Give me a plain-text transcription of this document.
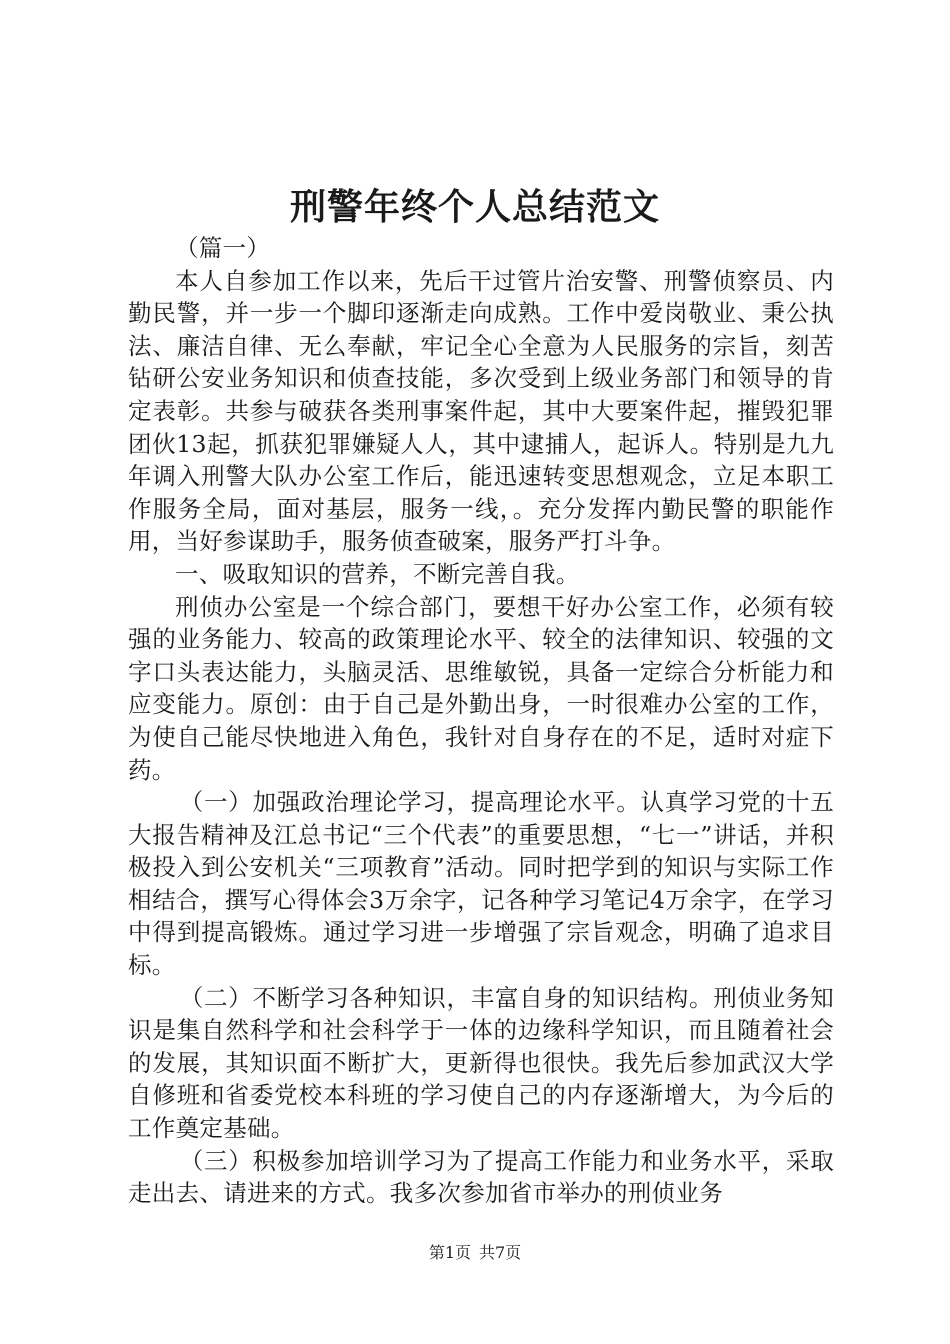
刑警年终个人总结范文

（篇一）

本人自参加工作以来，先后干过管片治安警、刑警侦察员、内勤民警，并一步一个脚印逐渐走向成熟。工作中爱岗敬业、秉公执法、廉洁自律、无么奉献，牢记全心全意为人民服务的宗旨，刻苦钻研公安业务知识和侦查技能，多次受到上级业务部门和领导的肯定表彰。共参与破获各类刑事案件起，其中大要案件起，摧毁犯罪团伙13起，抓获犯罪嫌疑人人，其中逮捕人，起诉人。特别是九九年调入刑警大队办公室工作后，能迅速转变思想观念，立足本职工作服务全局，面对基层，服务一线，。充分发挥内勤民警的职能作用，当好参谋助手，服务侦查破案，服务严打斗争。

一、吸取知识的营养，不断完善自我。

刑侦办公室是一个综合部门，要想干好办公室工作，必须有较强的业务能力、较高的政策理论水平、较全的法律知识、较强的文字口头表达能力，头脑灵活、思维敏锐，具备一定综合分析能力和应变能力。原创：由于自己是外勤出身，一时很难办公室的工作，为使自己能尽快地进入角色，我针对自身存在的不足，适时对症下药。

（一）加强政治理论学习，提高理论水平。认真学习党的十五大报告精神及江总书记“三个代表”的重要思想，“七一”讲话，并积极投入到公安机关“三项教育”活动。同时把学到的知识与实际工作相结合，撰写心得体会3万余字，记各种学习笔记4万余字，在学习中得到提高锻炼。通过学习进一步增强了宗旨观念，明确了追求目标。

（二）不断学习各种知识，丰富自身的知识结构。刑侦业务知识是集自然科学和社会科学于一体的边缘科学知识，而且随着社会的发展，其知识面不断扩大，更新得也很快。我先后参加武汉大学自修班和省委党校本科班的学习使自己的内存逐渐增大，为今后的工作奠定基础。

（三）积极参加培训学习为了提高工作能力和业务水平，采取走出去、请进来的方式。我多次参加省市举办的刑侦业务

第1页 共7页
